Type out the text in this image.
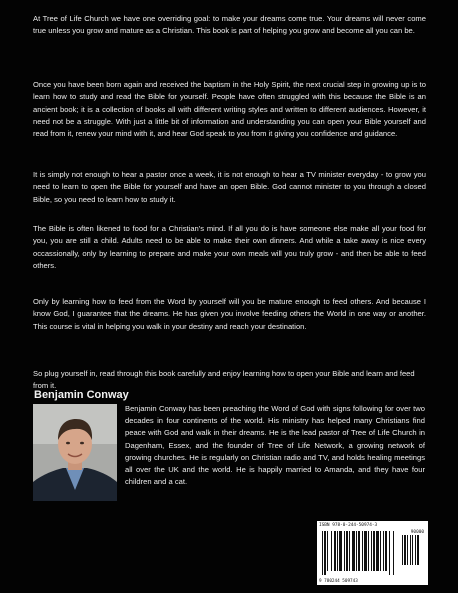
At Tree of Life Church we have one overriding goal: to make your dreams come true. Your dreams will never come true unless you grow and mature as a Christian. This book is part of helping you grow and become all you can be.

Once you have been born again and received the baptism in the Holy Spirit, the next crucial step in growing up is to learn how to study and read the Bible for yourself. People have often struggled with this because the Bible is an ancient book; it is a collection of books all with different writing styles and written to different audiences. However, it need not be a struggle. With just a little bit of information and understanding you can open your Bible yourself and read from it, renew your mind with it, and hear God speak to you from it giving you confidence and guidance.

It is simply not enough to hear a pastor once a week, it is not enough to hear a TV minister everyday - to grow you need to learn to open the Bible for yourself and have an open Bible. God cannot minister to you through a closed Bible, so you need to learn how to study it.

The Bible is often likened to food for a Christian's mind. If all you do is have someone else make all your food for you, you are still a child. Adults need to be able to make their own dinners. And while a take away is nice every occassionally, only by learning to prepare and make your own meals will you truly grow - and then be able to feed others.

Only by learning how to feed from the Word by yourself will you be mature enough to feed others. And because I know God, I guarantee that the dreams. He has given you involve feeding others the World in one way or another. This course is vital in helping you walk in your destiny and reach your destination.

So plug yourself in, read through this book carefully and enjoy learning how to open your Bible and learn and feed from it.

Benjamin Conway

Benjamin Conway has been preaching the Word of God with signs following for over two decades in four continents of the world. His ministry has helped many Christians find peace with God and walk in their dreams. He is the lead pastor of Tree of Life Church in Dagenham, Essex, and the founder of Tree of Life Network, a growing network of growing churches. He is regularly on Christian radio and TV, and holds healing meetings all over the UK and the world. He is happily married to Amanda, and they have four children and a cat.

ISBN 978-0-244-50974-3

90000

9 780244 509743
